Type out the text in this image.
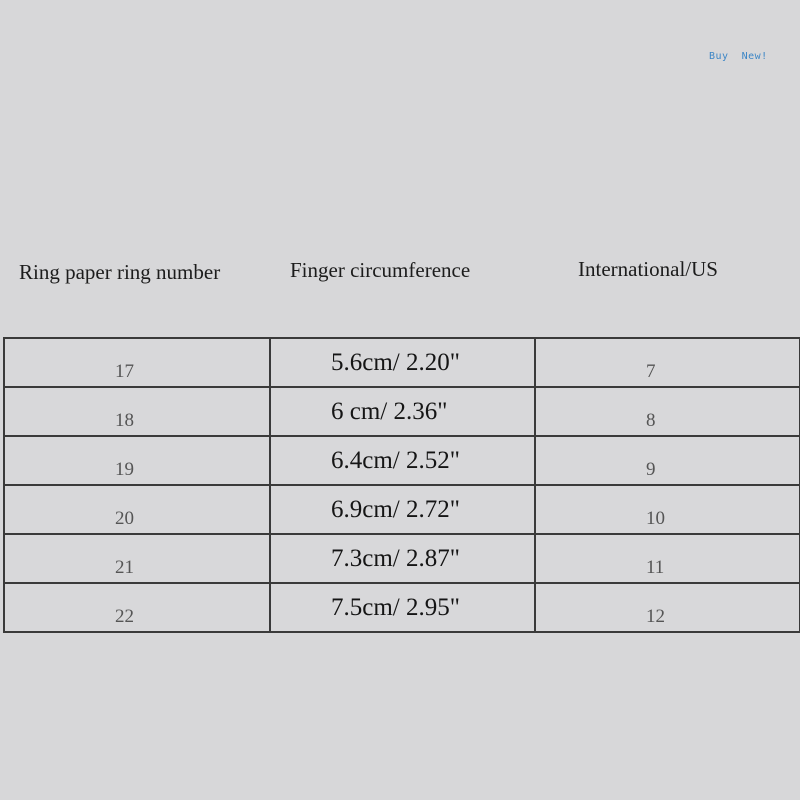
Buy  New!
Ring paper ring number	Finger circumference	International/US
17	5.6cm/ 2.20"	7

18	6 cm/ 2.36"	8

19	6.4cm/ 2.52"	9

20	6.9cm/ 2.72"	10

21	7.3cm/ 2.87"	11

22	7.5cm/ 2.95"	12
